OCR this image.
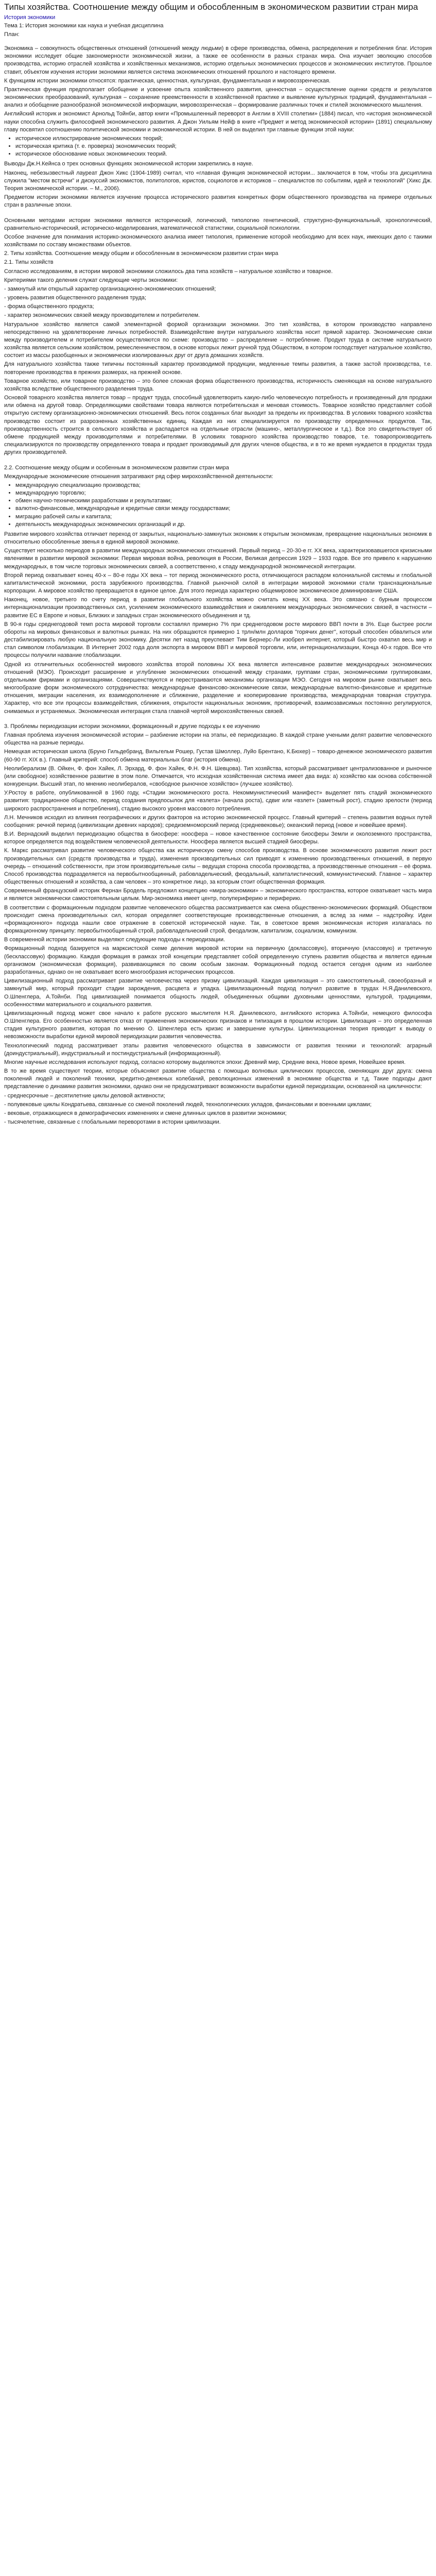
Типы хозяйства. Соотношение между общим и обособленным в экономическом развитии стран мира
История экономики
Тема 1: История экономики как наука и учебная дисциплина
План:

Экономика – совокупность общественных отношений (отношений между людьми) в сфере производства, обмена, распределения и потребления благ. История экономики исследует общие закономерности экономической жизни, а также ее особенности в разных странах мира. Она изучает эволюцию способов производства, историю отраслей хозяйства и хозяйственных механизмов, историю отдельных экономических процессов и экономических институтов. Прошлое ставит, объектом изучения истории экономики является система экономических отношений прошлого и настоящего времени.

К функциям истории экономики относятся: практическая, ценностная, культурная, фундаментальная и мировоззренческая.

Практическая функция предполагает обобщение и усвоение опыта хозяйственного развития, ценностная – осуществление оценки средств и результатов экономических преобразований, культурная – сохранение преемственности в хозяйственной практике и выявление культурных традиций, фундаментальная – анализ и обобщение разнообразной экономической информации, мировоззренческая – формирование различных точек и стилей экономического мышления.

Английский историк и экономист Арнольд Тойнби, автор книги «Промышленный переворот в Англии в XVIII столетии» (1884) писал, что «история экономической науки способна служить философией экономического развития. А Джон Уильям Нейф в книге «Предмет и метод экономической истории» (1891) специальному главу посвятил соотношению политической экономии и экономической истории. В ней он выделил три главные функции этой науки:

• историческое иллюстрирование экономических теорий;
• историческая критика (т. е. проверка) экономических теорий;
• историческое обоснование новых экономических теорий.

Выводы Дж.Н.Кейнса о трех основных функциях экономической истории закрепились в науке.

Наконец, небезызвестный лауреат Джон Хикс (1904-1989) считал, что «главная функция экономической истории... заключается в том, чтобы эта дисциплина служила "местом встречи" и дискуссий экономистов, политологов, юристов, социологов и историков – специалистов по событиям, идей и технологий" (Хикс Дж. Теория экономической истории. – М., 2006).

Предметом истории экономики является изучение процесса исторического развития конкретных форм общественного производства на примере отдельных стран в различные эпохи.

Основными методами истории экономики являются исторический, логический, типологию генетический, структурно-функциональный, хронологический, сравнительно-исторический, историческо-моделирования, математической статистики, социальной психологии.

Особое значение для понимания историко-экономического анализа имеет типология, применение которой необходимо для всех наук, имеющих дело с такими хозяйствами по составу множествами объектов.

2. Типы хозяйства. Соотношение между общим и обособленным в экономическом развитии стран мира

2.1. Типы хозяйств

Согласно исследованиям, в истории мировой экономики сложилось два типа хозяйств – натуральное хозяйство и товарное.

Критериями такого деления служат следующие черты экономики:

- замкнутый или открытый характер организационно-экономических отношений;

- уровень развития общественного разделения труда;

- форма общественного продукта;

- характер экономических связей между производителем и потребителем.

Натуральное хозяйство является самой элементарной формой организации экономики. Это тип хозяйства, в котором производство направлено непосредственно на удовлетворение личных потребностей. Взаимодействие внутри натурального хозяйства носит прямой характер. Экономические связи между производителем и потребителем осуществляются по схеме: производство – распределение – потребление. Продукт труда в системе натурального хозяйства является сельским хозяйством, ремесленничеством, в основе которых лежит ручной труд Обществом, в котором господствует натуральное хозяйство, состоит из массы разобщенных и экономически изолированных друг от друга домашних хозяйств.

Для натурального хозяйства также типичны постоянный характер производимой продукции, медленные темпы развития, а также застой производства, т.е. повторение производства в прежних размерах, на прежней основе.

Товарное хозяйство, или товарное производство – это более сложная форма общественного производства, историчность сменяющая на основе натурального хозяйства вследствие общественного разделения труда.

Основой товарного хозяйства является товар – продукт труда, способный удовлетворить какую-либо человеческую потребность и произведенный для продажи или обмена на другой товар. Определяющими свойствами товара являются потребительская и меновая стоимость. Товарное хозяйство представляет собой открытую систему организационно-экономических отношений. Весь поток созданных благ выходит за пределы их производства. В условиях товарного хозяйства производство состоит из разрозненных хозяйственных единиц. Каждая из них специализируется по производству определенных продуктов. Так, производственность строится в сельского хозяйства и распадается на отдельные отрасли (машино-, металлургическое и т.д.). Все это свидетельствует об обмене продукцией между производителями и потребителями. В условиях товарного хозяйства производство товаров, т.е. товаропроизводитель специализируются по производству определенного товара и продает производимый для других членов общества, и в то же время нуждается в продуктах труда других производителей.

2.2. Соотношение между общим и особенным в экономическом развитии стран мира

Международные экономические отношения затрагивают ряд сфер мирохозяйственной деятельности:

• международную специализацию производства;
• международную торговлю;
• обмен научно-техническими разработками и результатами;
• валютно-финансовые, международные и кредитные связи между государствами;
• миграцию рабочей силы и капитала;
• деятельность международных экономических организаций и др.

Развитие мирового хозяйства отличает переход от закрытых, национально-замкнутых экономик к открытым экономикам, превращение национальных экономик в относительно обособленные звенья в единой мировой экономике.

Существует несколько периодов в развитии международных экономических отношений. Первый период – 20-30-е гг. ХХ века, характеризовавшегося кризисными явлениями в развитии мировой экономики: Первая мировая война, революция в России, Великая депрессия 1929 – 1933 годов. Все это привело к нарушению международных, в том числе торговых экономических связей, а соответственно, к спаду международной экономической интеграции.

Второй период охватывает конец 40-х – 80-е годы ХХ века – тот период экономического роста, отличающегося распадом колониальной системы и глобальной капиталистической экономики, роста зарубежного производства. Главной рыночной силой в интеграции мировой экономики стали транснациональные корпорации. А мировое хозяйство превращается в единое целое. Для этого периода характерно общемировое экономическое доминирование США.

Наконец, новое, третьего по счету период в развитии глобального хозяйства можно считать конец ХХ века. Это связано с бурным процессом интернационализации производственных сил, усилением экономического взаимодействия и оживлением международных экономических связей, в частности – развитие ЕС в Европе и новых, Близких и западных стран экономического объединения и тд.

В 90-я годы среднегодовой темп роста мировой торговли составлял примерно 7% при среднегодовом росте мирового ВВП почти в 3%. Еще быстрее росли обороты на мировых финансовых и валютных рынках. На них обращаются примерно 1 трлн/млн долларов "горячих денег", который способен обвалиться или дестабилизировать любую национальную экономику. Десятки лет назад преуспевает Тим Бернерс-Ли изобрел интернет, который быстро охватил весь мир и стал символом глобализации. В Интернет 2002 года доля экспорта в мировом ВВП и мировой торговли, или, интернационализации, Конца 40-х годов. Все что процессы получили название глобализации.

Одной из отличительных особенностей мирового хозяйства второй половины ХХ века является интенсивное развитие международных экономических отношений (МЭО). Происходит расширение и углубление экономических отношений между странами, группами стран, экономическими группировками, отдельными фирмами и организациями. Совершенствуются и перестраиваются механизмы организации МЭО. Сегодня на мировом рынке охватывает весь многообразие форм экономического сотрудничества: международные финансово-экономические связи, международные валютно-финансовые и кредитные отношения, миграции населения, их взаимодополнение и сближение, разделение и кооперирование производства, международная товарная структура. Характер, что все эти процессы взаимодействия, сближения, открытости национальных экономик, противоречий, взаимозависимых постоянно регулируются, снимаемых и устраняемых. Экономическая интеграция стала главной чертой мирохозяйственных связей.

3. Проблемы периодизации истории экономики, формационный и другие подходы к ее изучению

Главная проблема изучения экономической истории – разбиение истории на этапы, её периодизацию. В каждой стране учеными делят развитие человеческого общества на разные периоды.

Немецкая историческая школа (Бруно Гильдебранд, Вильгельм Рошер, Густав Шмоллер, Луйо Брентано, К.Бюхер) – товаро-денежное экономического развития (60-90 гг. ХIХ в.). Главный критерий: способ обмена материальных благ (история обмена).

Неолиберализм (В. Ойкен, Ф. фон Хайек, Л. Эрхард, Ф. фон Хайек, Ф.Н. Ф.Н. Шевцова). Тип хозяйства, который рассматривает централизованное и рыночное (или свободное) хозяйственное развитие в этом поле. Отмечается, что исходная хозяйственная система имеет два вида: а) хозяйство как основа собственной конкуренции. Высший этап, по мнению неолибералов, «свободное рыночное хозяйство» (лучшее хозяйство).

У.Ростоу в работе, опубликованной в 1960 году, «Стадии экономического роста. Некоммунистический манифест» выделяет пять стадий экономического развития: традиционное общество, период создания предпосылок для «взлета» (начала роста), сдвиг или «взлет» (заметный рост), стадию зрелости (период широкого распространения и потребления), стадию высокого уровня массового потребления.

Л.Н. Мечников исходил из влияния географических и других факторов на историю экономической процесс. Главный критерий – степень развития водных путей сообщения: речной период (цивилизации древних народов); средиземноморский период (средневековье); океанский период (новое и новейшее время).

В.И. Вернадский выделил периодизацию общества в биосфере: ноосфера – новое качественное состояние биосферы Земли и околоземного пространства, которое определяется под воздействием человеческой деятельности. Ноосфера является высшей стадией биосферы.

К. Маркс рассматривал развитие человеческого общества как историческую смену способов производства. В основе экономического развития лежит рост производительных сил (средств производства и труда), изменения производительных сил приводят к изменению производственных отношений, в первую очередь – отношений собственности, при этом производительные силы – ведущая сторона способа производства, а производственные отношения – её форма. Способ производства подразделяется на первобытнообщинный, рабовладельческий, феодальный, капиталистический, коммунистический. Главное – характер общественных отношений и хозяйства, а сам человек – это конкретное лицо, за которым стоит общественная формация.

Современный французский историк Фернан Бродель предложил концепцию «мира-экономики» – экономического пространства, которое охватывает часть мира и является экономически самостоятельным целым. Мир-экономика имеет центр, полупериферию и периферию.

В соответствии с формационным подходом развитие человеческого общества рассматривается как смена общественно-экономических формаций. Обществом происходит смена производительных сил, которая определяет соответствующие производственные отношения, а вслед за ними – надстройку. Идеи «формационного» подхода нашли свое отражение в советской исторической науке. Так, в советское время экономическая история излагалась по формационному принципу: первобытнообщинный строй, рабовладельческий строй, феодализм, капитализм, социализм, коммунизм.

В современной истории экономики выделяют следующие подходы к периодизации.

Формационный подход базируется на марксистской схеме деления мировой истории на первичную (доклассовую), вторичную (классовую) и третичную (бесклассовую) формацию. Каждая формация в рамках этой концепции представляет собой определенную ступень развития общества и является единым организмом (экономическая формация), развивающимся по своим особым законам. Формационный подход остается сегодня одним из наиболее разработанных, однако он не охватывает всего многообразия исторических процессов.

Цивилизационный подход рассматривает развитие человечества через призму цивилизаций. Каждая цивилизация – это самостоятельный, своеобразный и замкнутый мир, который проходит стадии зарождения, расцвета и упадка. Цивилизационный подход получил развитие в трудах Н.Я.Данилевского, О.Шпенглера, А.Тойнби. Под цивилизацией понимается общность людей, объединенных общими духовными ценностями, культурой, традициями, особенностями материального и социального развития.

Цивилизационный подход может свое начало к работе русского мыслителя Н.Я. Данилевского, английского историка А.Тойнби, немецкого философа О.Шпенглера. Его особенностью является отказ от применения экономических признаков и типизация в прошлом истории. Цивилизация – это определенная стадия культурного развития, которая по мнению О. Шпенглера есть кризис и завершение культуры. Цивилизационная теория приводит к выводу о невозможности выработки единой мировой периодизации развития человечества.

Технологический подход рассматривает этапы развития человеческого общества в зависимости от развития техники и технологий: аграрный (доиндустриальный), индустриальный и постиндустриальный (информационный).

Многие научные исследования используют подход, согласно которому выделяются эпохи: Древний мир, Средние века, Новое время, Новейшее время.

В то же время существуют теории, которые объясняют развитие общества с помощью волновых циклических процессов, сменяющих друг друга: смена поколений людей и поколений техники, кредитно-денежных колебаний, революционных изменений в экономике общества и т.д. Такие подходы дают представление о динамике развития экономики, однако они не предусматривают возможности выработки единой периодизации, основанной на цикличности:

- среднесрочные – десятилетние циклы деловой активности;

- полувековые циклы Кондратьева, связанные со сменой поколений людей, технологических укладов, финансовыми и военными циклами;

- вековые, отражающиеся в демографических изменениях и смене длинных циклов в развитии экономики;

- тысячелетние, связанные с глобальными переворотами в истории цивилизации.
